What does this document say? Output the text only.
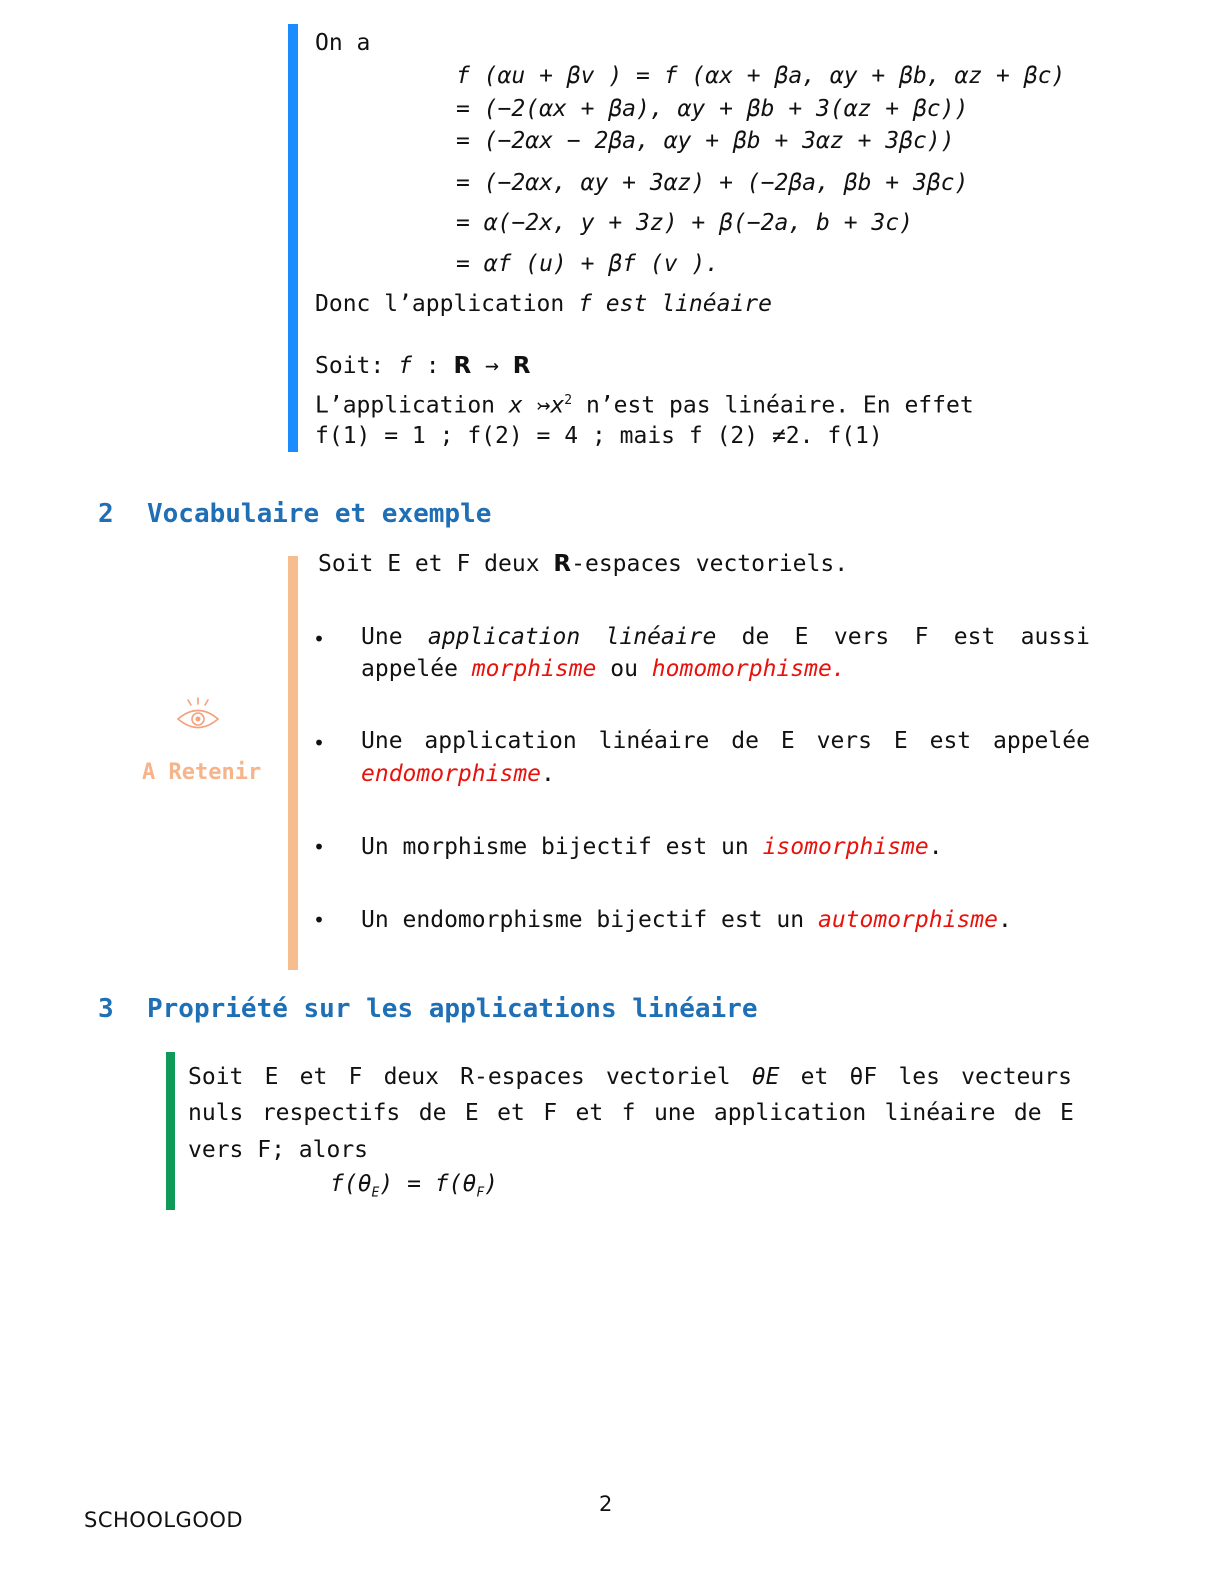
On a
f (αu + βv ) = f (αx + βa, αy + βb, αz + βc)
= (−2(αx + βa), αy + βb + 3(αz + βc))
= (−2αx − 2βa, αy + βb + 3αz + 3βc))
= (−2αx, αy + 3αz) + (−2βa, βb + 3βc)
= α(−2x, y + 3z) + β(−2a, b + 3c)
= αf (u) + βf (v ).
Donc l’application f est linéaire
Soit: f : R → R
L’application x $↣x^2$ n’est pas linéaire. En effet
f(1) = 1 ; f(2) = 4 ; mais f (2) ≠2. f(1)
2 Vocabulaire et exemple
A Retenir
Soit E et F deux R-espaces vectoriels.
• Une application linéaire de E vers F est aussi
appelée morphisme ou homomorphisme.
• Une application linéaire de E vers E est appelée
endomorphisme.
• Un morphisme bijectif est un isomorphisme.
• Un endomorphisme bijectif est un automorphisme.
3 Propriété sur les applications linéaire
Soit E et F deux R-espaces vectoriel θE et θF les vecteurs
nuls respectifs de E et F et f une application linéaire de E
vers F; alors
$f(\theta_E) = f(\theta_F)$
2
SCHOOLGOOD
